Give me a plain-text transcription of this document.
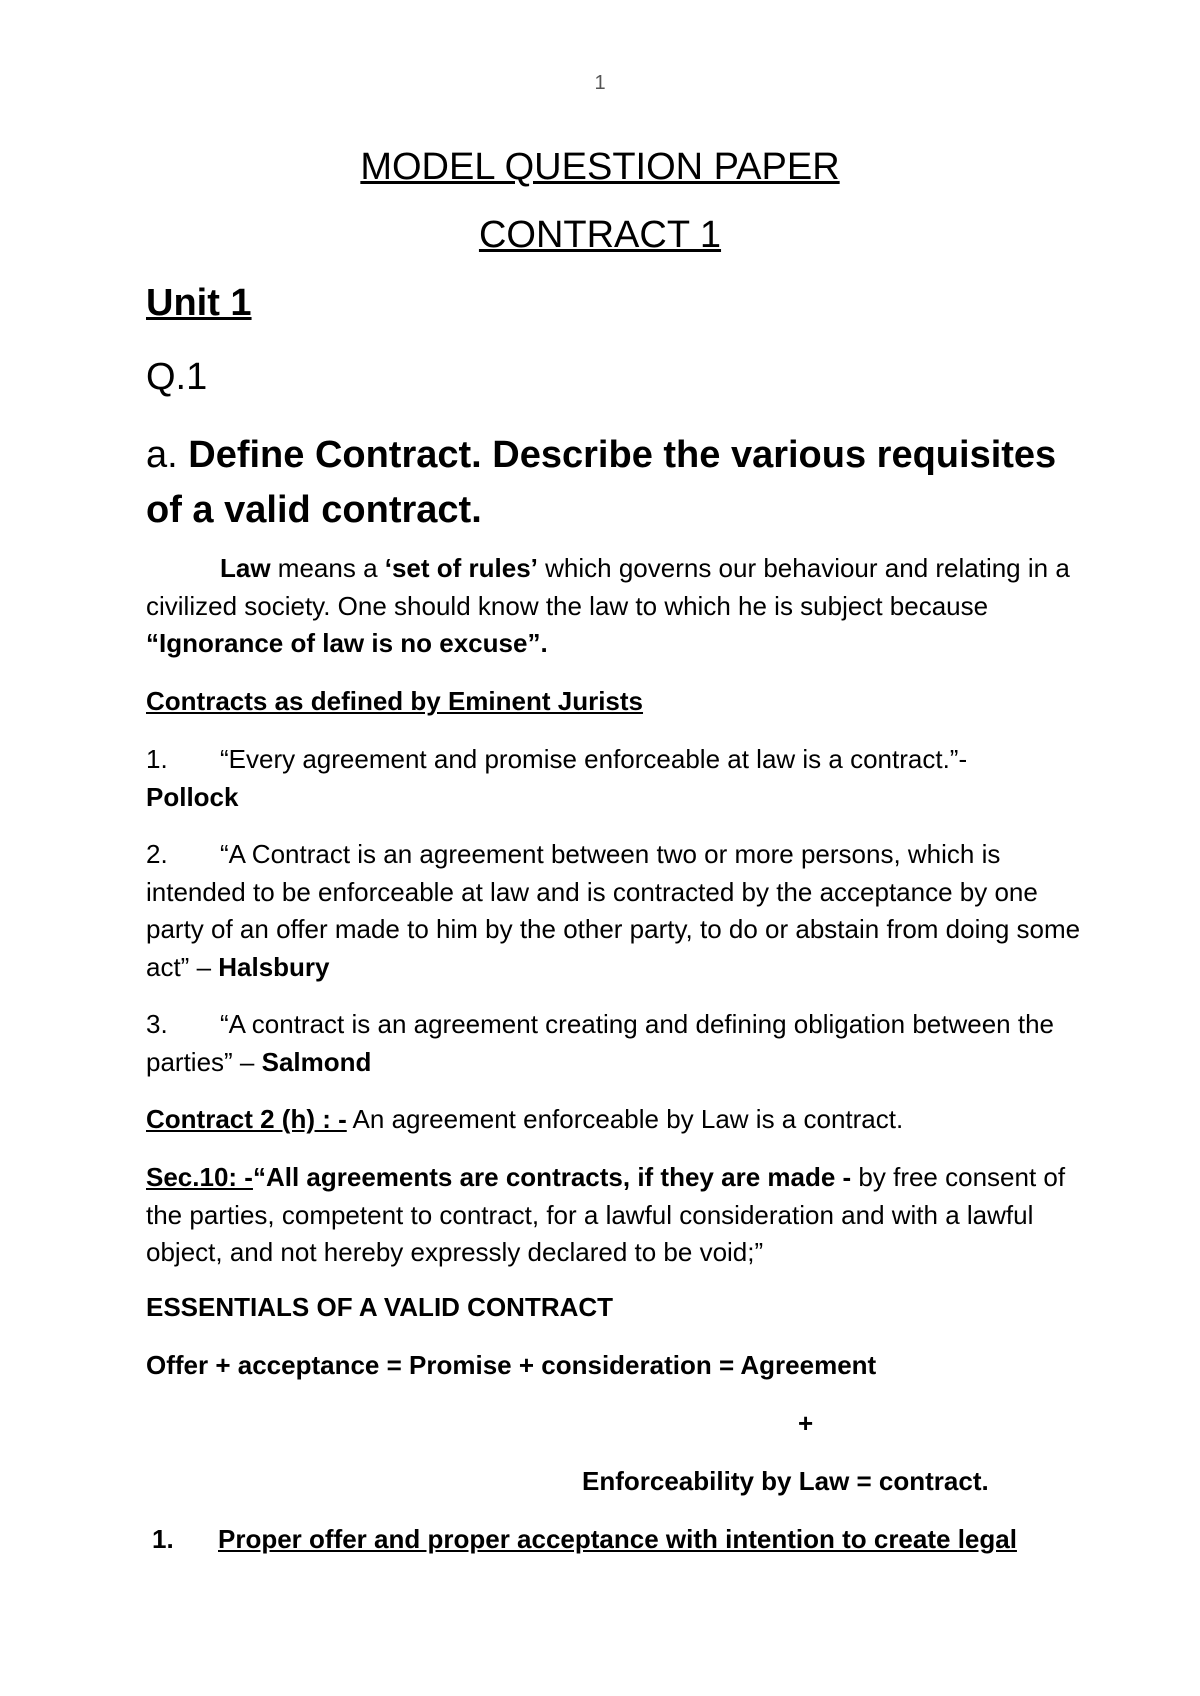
1
MODEL QUESTION PAPER
CONTRACT 1
Unit 1
Q.1
a. Define Contract. Describe the various requisites of a valid contract.
Law means a ‘set of rules’ which governs our behaviour and relating in a civilized society. One should know the law to which he is subject because “Ignorance of law is no excuse”.
Contracts as defined by Eminent Jurists
1. “Every agreement and promise enforceable at law is a contract.”-
Pollock
2. “A Contract is an agreement between two or more persons, which is intended to be enforceable at law and is contracted by the acceptance by one party of an offer made to him by the other party, to do or abstain from doing some act” – Halsbury
3. “A contract is an agreement creating and defining obligation between the parties” – Salmond
Contract 2 (h) : - An agreement enforceable by Law is a contract.
Sec.10: -“All agreements are contracts, if they are made - by free consent of the parties, competent to contract, for a lawful consideration and with a lawful object, and not hereby expressly declared to be void;”
ESSENTIALS OF A VALID CONTRACT
Offer + acceptance = Promise + consideration = Agreement
+
Enforceability by Law = contract.
1. Proper offer and proper acceptance with intention to create legal
